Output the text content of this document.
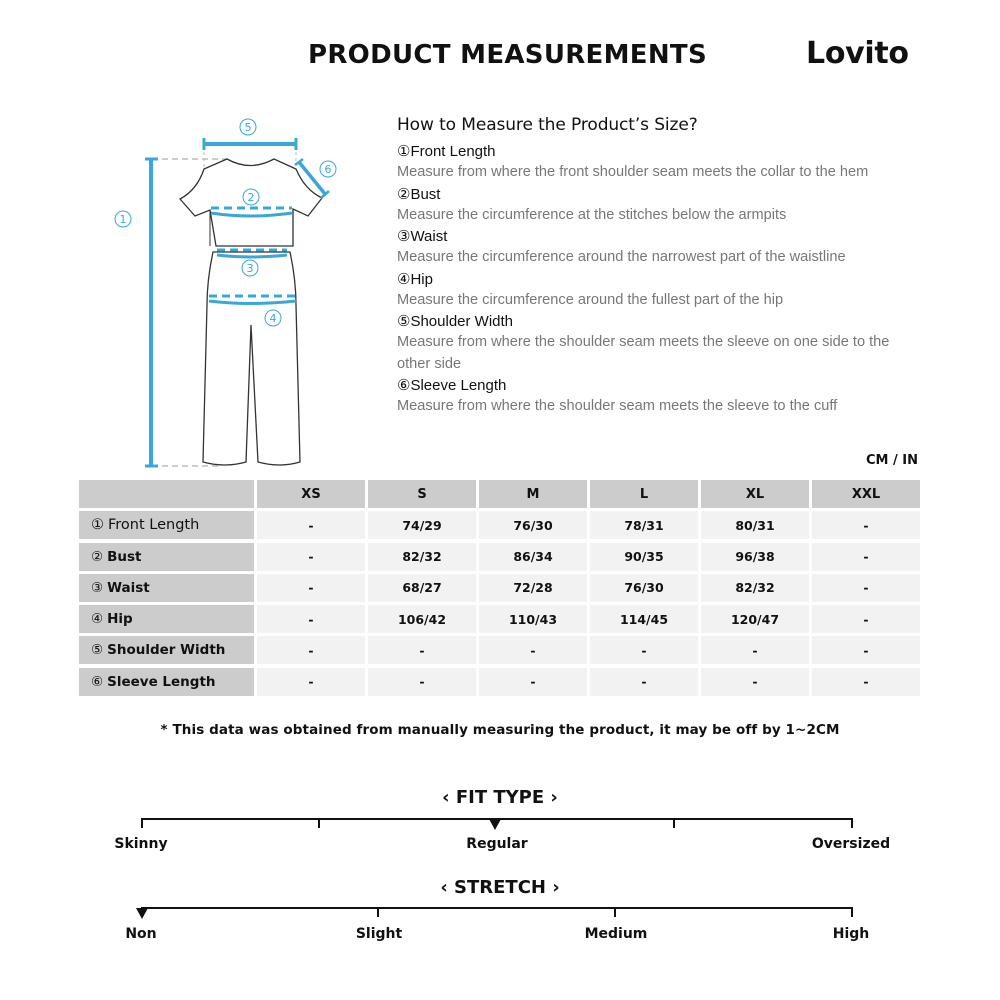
PRODUCT MEASUREMENTS	Lovito
1
2
3
4
5
6
How to Measure the Product’s Size?
①Front Length
Measure from where the front shoulder seam meets the collar to the hem
②Bust
Measure the circumference at the stitches below the armpits
③Waist
Measure the circumference around the narrowest part of the waistline
④Hip
Measure the circumference around the fullest part of the hip
⑤Shoulder Width
Measure from where the shoulder seam meets the sleeve on one side to the other side
⑥Sleeve Length
Measure from where the shoulder seam meets the sleeve to the cuff
CM / IN
XS	S	M	L	XL	XXL
① Front Length	-	74/29	76/30	78/31	80/31	-
② Bust	-	82/32	86/34	90/35	96/38	-
③ Waist	-	68/27	72/28	76/30	82/32	-
④ Hip	-	106/42	110/43	114/45	120/47	-
⑤ Shoulder Width	-	-	-	-	-	-
⑥ Sleeve Length	-	-	-	-	-	-
* This data was obtained from manually measuring the product, it may be off by 1~2CM
‹ FIT TYPE ›
Skinny	Regular	Oversized
‹ STRETCH ›
Non	Slight	Medium	High
